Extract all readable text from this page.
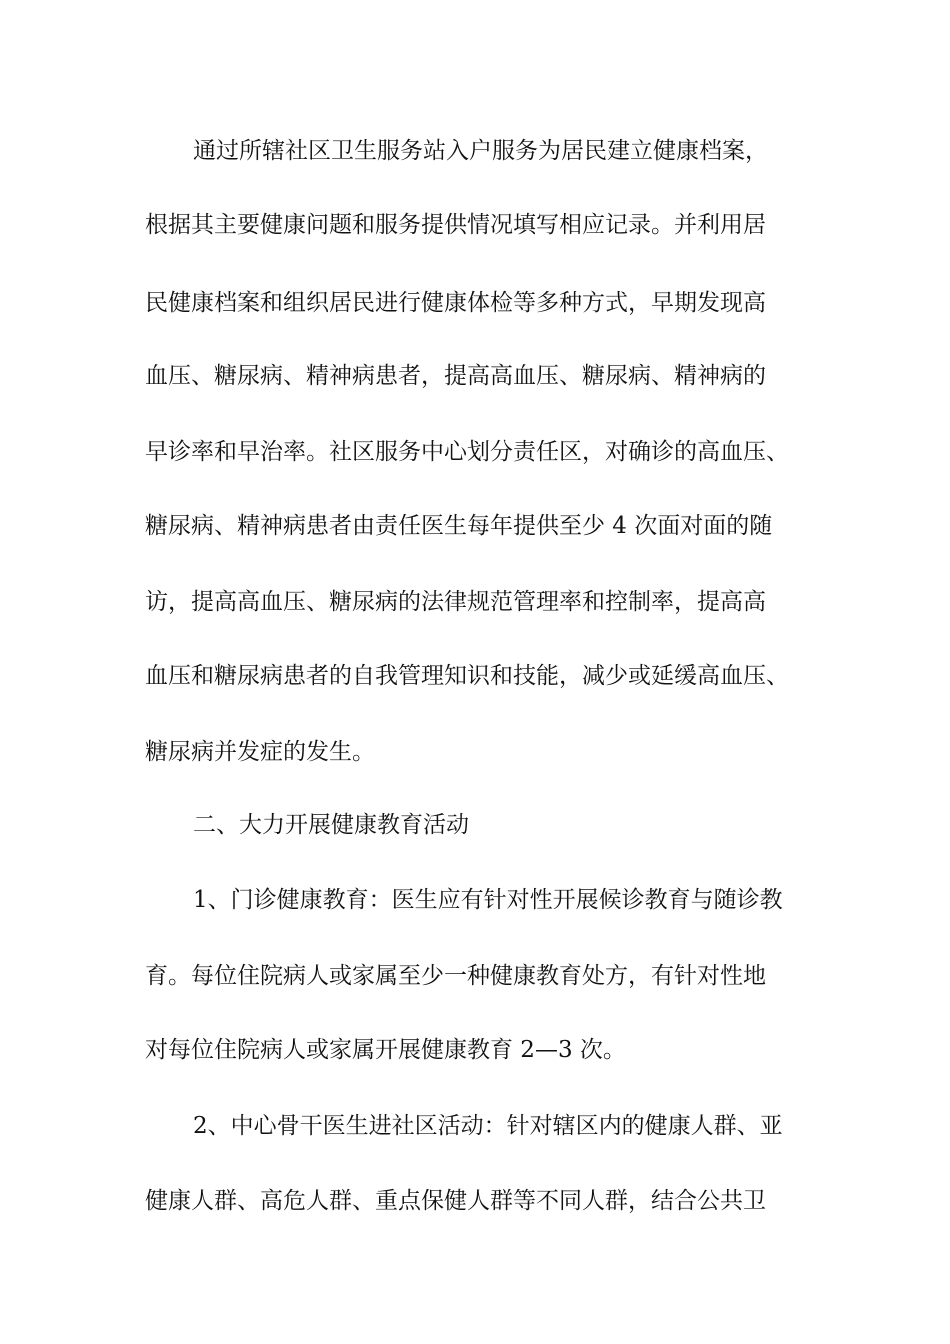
通过所辖社区卫生服务站入户服务为居民建立健康档案，

根据其主要健康问题和服务提供情况填写相应记录。并利用居

民健康档案和组织居民进行健康体检等多种方式，早期发现高

血压、糖尿病、精神病患者，提高高血压、糖尿病、精神病的

早诊率和早治率。社区服务中心划分责任区，对确诊的高血压、

糖尿病、精神病患者由责任医生每年提供至少 4 次面对面的随

访，提高高血压、糖尿病的法律规范管理率和控制率，提高高

血压和糖尿病患者的自我管理知识和技能，减少或延缓高血压、

糖尿病并发症的发生。

二、大力开展健康教育活动

1、门诊健康教育：医生应有针对性开展候诊教育与随诊教

育。每位住院病人或家属至少一种健康教育处方，有针对性地

对每位住院病人或家属开展健康教育 2—3 次。

2、中心骨干医生进社区活动：针对辖区内的健康人群、亚

健康人群、高危人群、重点保健人群等不同人群，结合公共卫
